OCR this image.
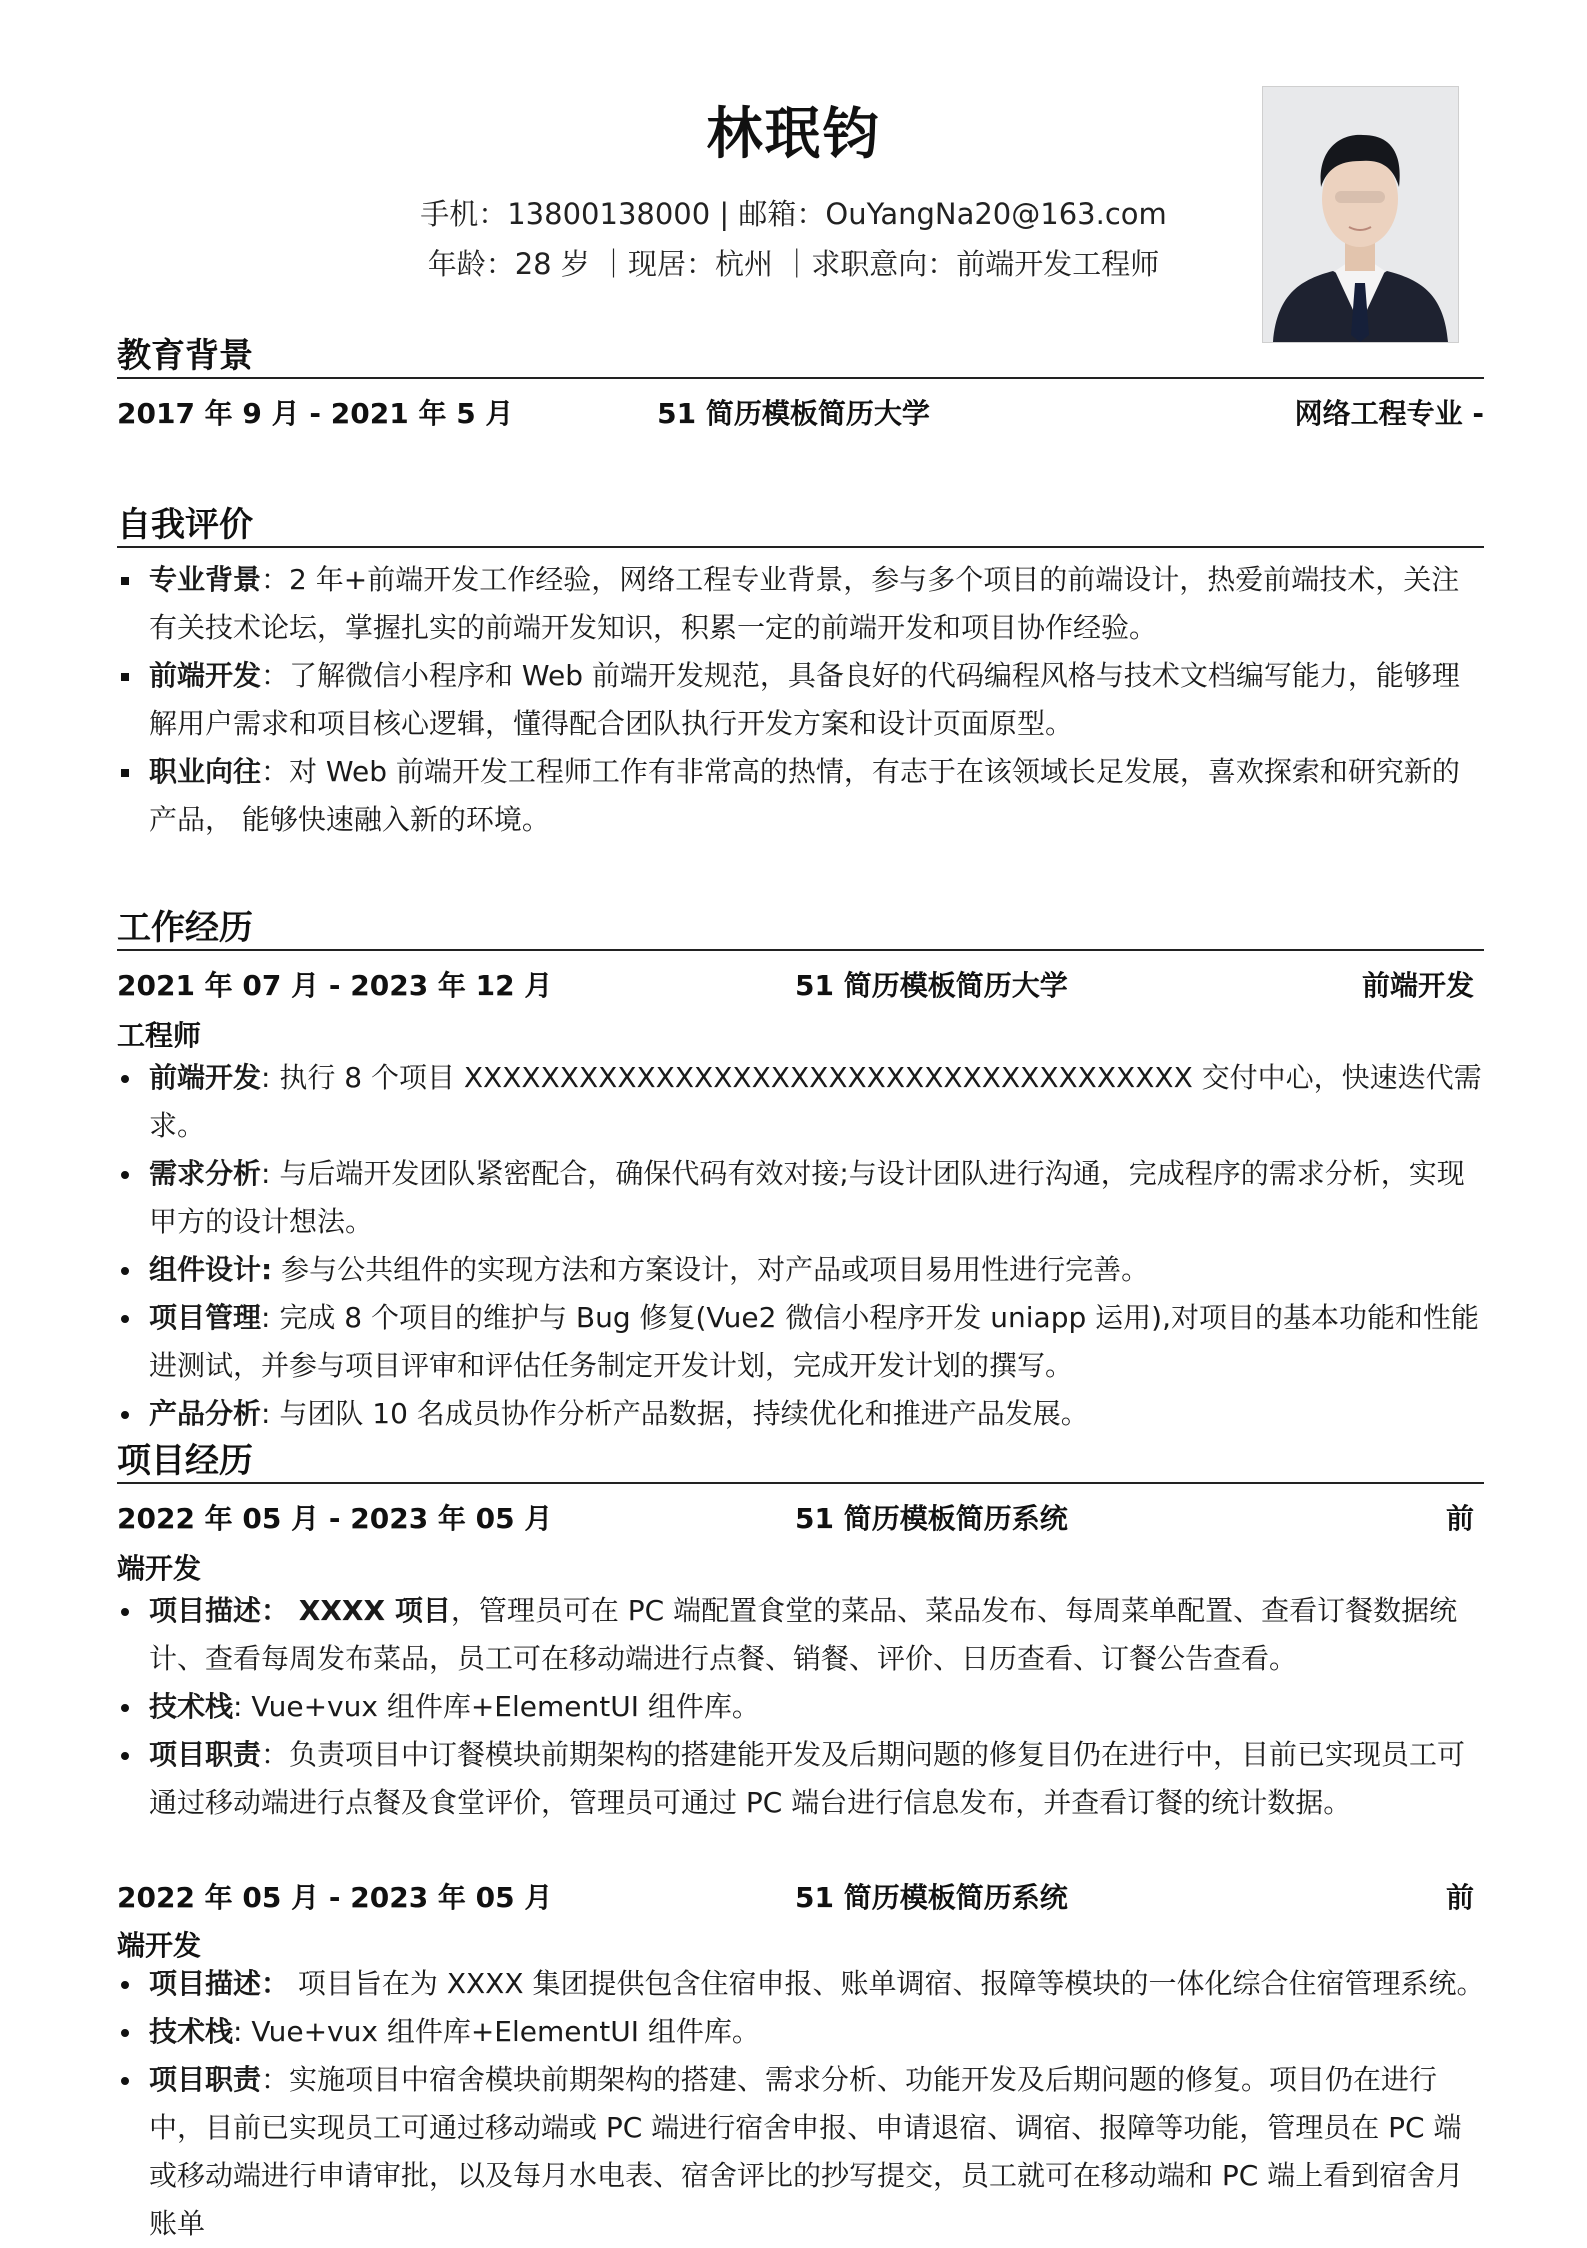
林珉钧
手机：13800138000 | 邮箱：OuYangNa20@163.com
年龄：28 岁 ｜现居：杭州 ｜求职意向：前端开发工程师
教育背景
2017 年 9 月 - 2021 年 5 月	51 简历模板简历大学	网络工程专业 -
自我评价
专业背景：2 年+前端开发工作经验，网络工程专业背景，参与多个项目的前端设计，热爱前端技术，关注有关技术论坛，掌握扎实的前端开发知识，积累一定的前端开发和项目协作经验。
前端开发：了解微信小程序和 Web 前端开发规范，具备良好的代码编程风格与技术文档编写能力，能够理解用户需求和项目核心逻辑，懂得配合团队执行开发方案和设计页面原型。
职业向往：对 Web 前端开发工程师工作有非常高的热情，有志于在该领域长足发展，喜欢探索和研究新的产品， 能够快速融入新的环境。
工作经历
2021 年 07 月 - 2023 年 12 月	51 简历模板简历大学	前端开发
工程师
前端开发: 执行 8 个项目 XXXXXXXXXXXXXXXXXXXXXXXXXXXXXXXXXXXXXX 交付中心，快速迭代需求。
需求分析: 与后端开发团队紧密配合，确保代码有效对接;与设计团队进行沟通，完成程序的需求分析，实现甲方的设计想法。
组件设计: 参与公共组件的实现方法和方案设计，对产品或项目易用性进行完善。
项目管理: 完成 8 个项目的维护与 Bug 修复(Vue2 微信小程序开发 uniapp 运用),对项目的基本功能和性能进测试，并参与项目评审和评估任务制定开发计划，完成开发计划的撰写。
产品分析: 与团队 10 名成员协作分析产品数据，持续优化和推进产品发展。
项目经历
2022 年 05 月 - 2023 年 05 月	51 简历模板简历系统	前
端开发
项目描述： XXXX 项目，管理员可在 PC 端配置食堂的菜品、菜品发布、每周菜单配置、查看订餐数据统计、查看每周发布菜品，员工可在移动端进行点餐、销餐、评价、日历查看、订餐公告查看。
技术栈: Vue+vux 组件库+ElementUI 组件库。
项目职责：负责项目中订餐模块前期架构的搭建能开发及后期问题的修复目仍在进行中，目前已实现员工可通过移动端进行点餐及食堂评价，管理员可通过 PC 端台进行信息发布，并查看订餐的统计数据。
2022 年 05 月 - 2023 年 05 月	51 简历模板简历系统	前
端开发
项目描述： 项目旨在为 XXXX 集团提供包含住宿申报、账单调宿、报障等模块的一体化综合住宿管理系统。
技术栈: Vue+vux 组件库+ElementUI 组件库。
项目职责：实施项目中宿舍模块前期架构的搭建、需求分析、功能开发及后期问题的修复。项目仍在进行中，目前已实现员工可通过移动端或 PC 端进行宿舍申报、申请退宿、调宿、报障等功能，管理员在 PC 端或移动端进行申请审批，以及每月水电表、宿舍评比的抄写提交，员工就可在移动端和 PC 端上看到宿舍月账单
